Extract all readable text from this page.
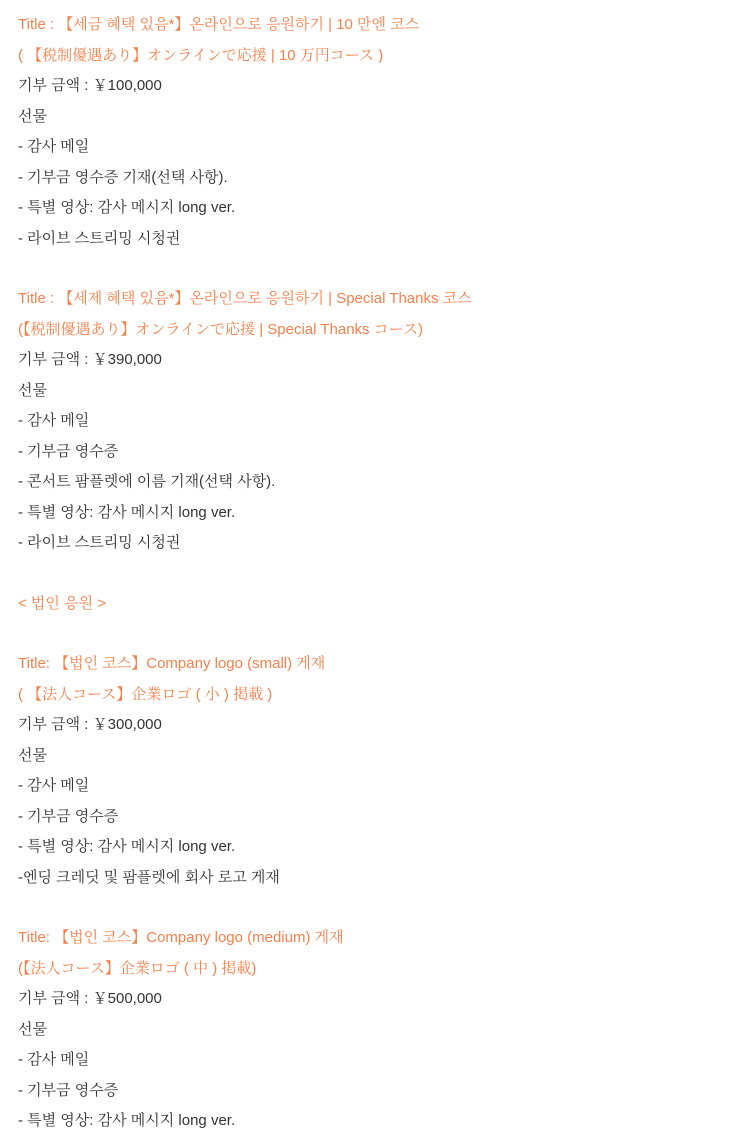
Title : 【세금 혜택 있음*】온라인으로 응원하기 | 10 만엔 코스
( 【税制優遇あり】オンラインで応援 | 10 万円コース )
기부 금액 : ￥100,000
선물
- 감사 메일
- 기부금 영수증 기재(선택 사항).
- 특별 영상: 감사 메시지 long ver.
- 라이브 스트리밍 시청권
Title : 【세제 혜택 있음*】온라인으로 응원하기 | Special Thanks 코스
(【税制優遇あり】オンラインで応援 | Special Thanks コース)
기부 금액 : ￥390,000
선물
- 감사 메일
- 기부금 영수증
- 콘서트 팜플렛에 이름 기재(선택 사항).
- 특별 영상: 감사 메시지 long ver.
- 라이브 스트리밍 시청권
< 법인 응원 >
Title: 【법인 코스】Company logo (small) 게재
( 【法人コース】企業ロゴ ( 小 ) 掲載 )
기부 금액 : ￥300,000
선물
- 감사 메일
- 기부금 영수증
- 특별 영상: 감사 메시지 long ver.
-엔딩 크레딧 및 팜플렛에 회사 로고 게재
Title: 【법인 코스】Company logo (medium) 게재
(【法人コース】企業ロゴ ( 中 ) 掲載)
기부 금액 : ￥500,000
선물
- 감사 메일
- 기부금 영수증
- 특별 영상: 감사 메시지 long ver.
